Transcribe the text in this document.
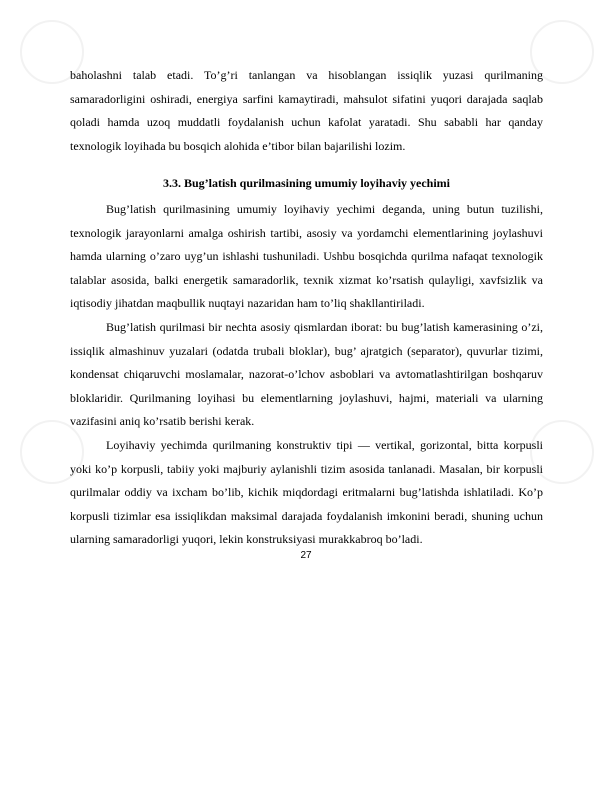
baholashni talab etadi. To’g’ri tanlangan va hisoblangan issiqlik yuzasi qurilmaning samaradorligini oshiradi, energiya sarfini kamaytiradi, mahsulot sifatini yuqori darajada saqlab qoladi hamda uzoq muddatli foydalanish uchun kafolat yaratadi. Shu sababli har qanday texnologik loyihada bu bosqich alohida e’tibor bilan bajarilishi lozim.

3.3. Bug’latish qurilmasining umumiy loyihaviy yechimi

Bug’latish qurilmasining umumiy loyihaviy yechimi deganda, uning butun tuzilishi, texnologik jarayonlarni amalga oshirish tartibi, asosiy va yordamchi elementlarining joylashuvi hamda ularning o’zaro uyg’un ishlashi tushuniladi. Ushbu bosqichda qurilma nafaqat texnologik talablar asosida, balki energetik samaradorlik, texnik xizmat ko’rsatish qulayligi, xavfsizlik va iqtisodiy jihatdan maqbullik nuqtayi nazaridan ham to’liq shakllantiriladi.

Bug’latish qurilmasi bir nechta asosiy qismlardan iborat: bu bug’latish kamerasining o’zi, issiqlik almashinuv yuzalari (odatda trubali bloklar), bug’ ajratgich (separator), quvurlar tizimi, kondensat chiqaruvchi moslamalar, nazorat-o’lchov asboblari va avtomatlashtirilgan boshqaruv bloklaridir. Qurilmaning loyihasi bu elementlarning joylashuvi, hajmi, materiali va ularning vazifasini aniq ko’rsatib berishi kerak.

Loyihaviy yechimda qurilmaning konstruktiv tipi — vertikal, gorizontal, bitta korpusli yoki ko’p korpusli, tabiiy yoki majburiy aylanishli tizim asosida tanlanadi. Masalan, bir korpusli qurilmalar oddiy va ixcham bo’lib, kichik miqdordagi eritmalarni bug’latishda ishlatiladi. Ko’p korpusli tizimlar esa issiqlikdan maksimal darajada foydalanish imkonini beradi, shuning uchun ularning samaradorligi yuqori, lekin konstruksiyasi murakkabroq bo’ladi.

27
